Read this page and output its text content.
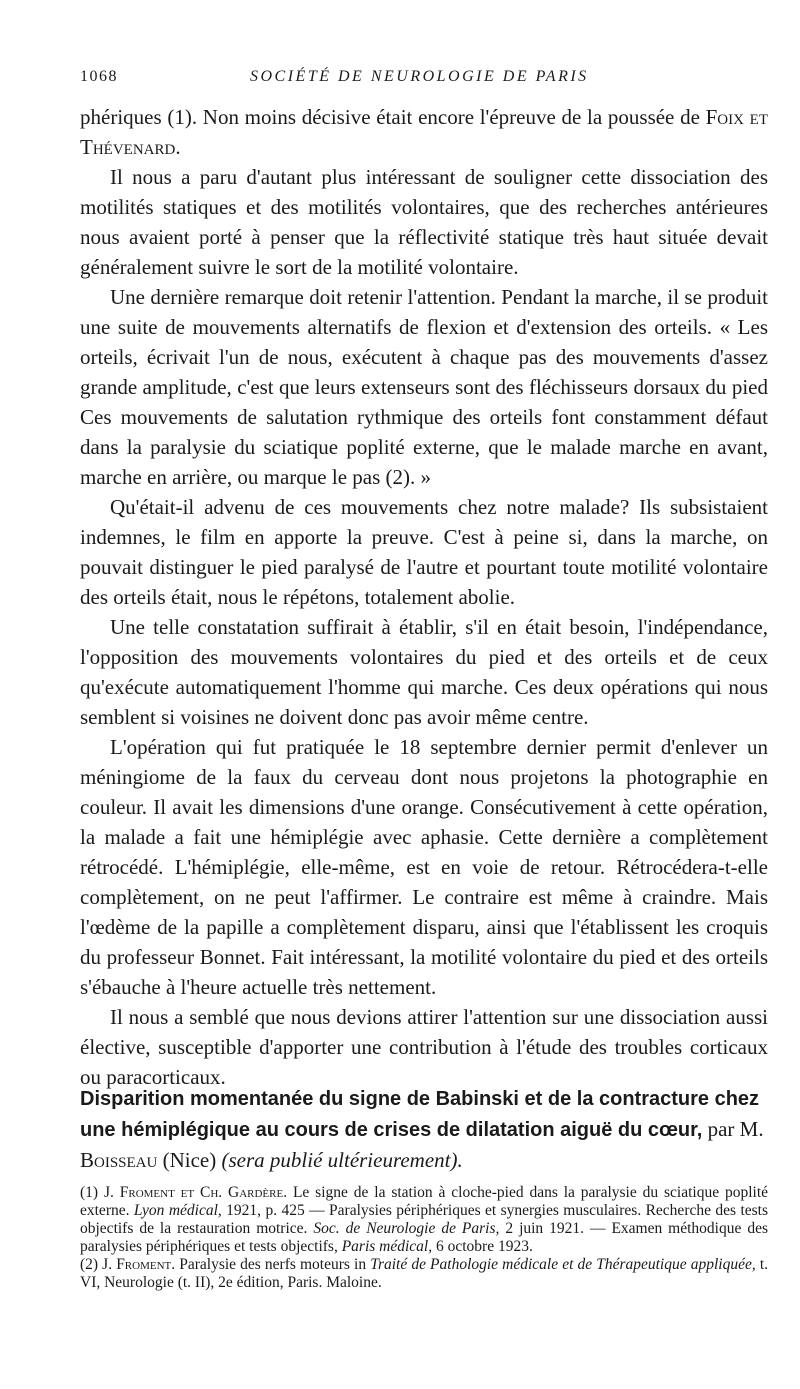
1068	SOCIÉTÉ DE NEUROLOGIE DE PARIS

phériques (1). Non moins décisive était encore l'épreuve de la poussée de Foix et Thévenard.

Il nous a paru d'autant plus intéressant de souligner cette dissociation des motilités statiques et des motilités volontaires, que des recherches antérieures nous avaient porté à penser que la réflectivité statique très haut située devait généralement suivre le sort de la motilité volontaire.

Une dernière remarque doit retenir l'attention. Pendant la marche, il se produit une suite de mouvements alternatifs de flexion et d'extension des orteils. « Les orteils, écrivait l'un de nous, exécutent à chaque pas des mouvements d'assez grande amplitude, c'est que leurs extenseurs sont des fléchisseurs dorsaux du pied Ces mouvements de salutation rythmique des orteils font constamment défaut dans la paralysie du sciatique poplité externe, que le malade marche en avant, marche en arrière, ou marque le pas (2). »

Qu'était-il advenu de ces mouvements chez notre malade? Ils subsistaient indemnes, le film en apporte la preuve. C'est à peine si, dans la marche, on pouvait distinguer le pied paralysé de l'autre et pourtant toute motilité volontaire des orteils était, nous le répétons, totalement abolie.

Une telle constatation suffirait à établir, s'il en était besoin, l'indépendance, l'opposition des mouvements volontaires du pied et des orteils et de ceux qu'exécute automatiquement l'homme qui marche. Ces deux opérations qui nous semblent si voisines ne doivent donc pas avoir même centre.

L'opération qui fut pratiquée le 18 septembre dernier permit d'enlever un méningiome de la faux du cerveau dont nous projetons la photographie en couleur. Il avait les dimensions d'une orange. Consécutivement à cette opération, la malade a fait une hémiplégie avec aphasie. Cette dernière a complètement rétrocédé. L'hémiplégie, elle-même, est en voie de retour. Rétrocédera-t-elle complètement, on ne peut l'affirmer. Le contraire est même à craindre. Mais l'œdème de la papille a complètement disparu, ainsi que l'établissent les croquis du professeur Bonnet. Fait intéressant, la motilité volontaire du pied et des orteils s'ébauche à l'heure actuelle très nettement.

Il nous a semblé que nous devions attirer l'attention sur une dissociation aussi élective, susceptible d'apporter une contribution à l'étude des troubles corticaux ou paracorticaux.

Disparition momentanée du signe de Babinski et de la contracture chez une hémiplégique au cours de crises de dilatation aiguë du cœur, par M. Boisseau (Nice) (sera publié ultérieurement).

(1) J. Froment et Ch. Gardère. Le signe de la station à cloche-pied dans la paralysie du sciatique poplité externe. Lyon médical, 1921, p. 425 — Paralysies périphériques et synergies musculaires. Recherche des tests objectifs de la restauration motrice. Soc. de Neurologie de Paris, 2 juin 1921. — Examen méthodique des paralysies périphériques et tests objectifs, Paris médical, 6 octobre 1923.

(2) J. Froment. Paralysie des nerfs moteurs in Traité de Pathologie médicale et de Thérapeutique appliquée, t. VI, Neurologie (t. II), 2e édition, Paris. Maloine.
